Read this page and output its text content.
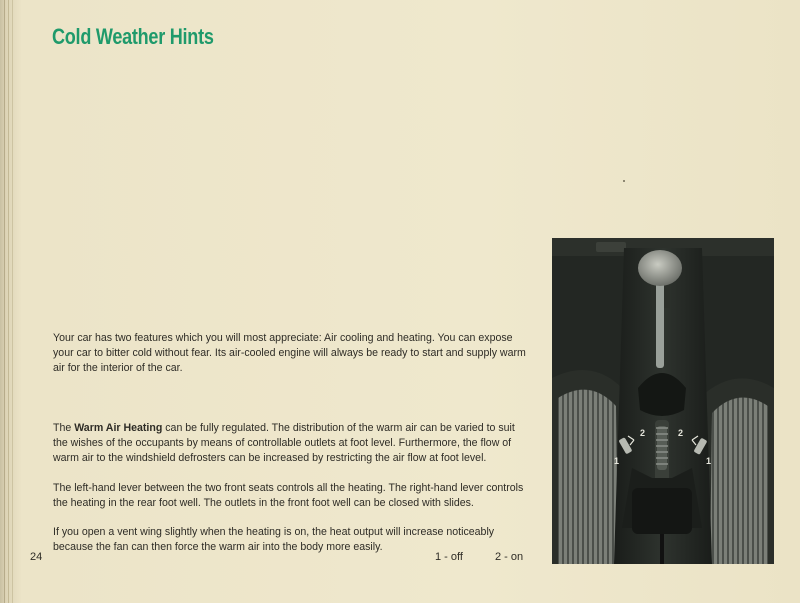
Cold Weather Hints

Your car has two features which you will most appreciate: Air cooling and heating. You can expose your car to bitter cold without fear. Its air-cooled engine will always be ready to start and supply warm air for the interior of the car.

The Warm Air Heating can be fully regulated. The distribution of the warm air can be varied to suit the wishes of the occupants by means of controllable outlets at foot level. Furthermore, the flow of warm air to the windshield defrosters can be increased by restricting the air flow at foot level.

The left-hand lever between the two front seats controls all the heating. The right-hand lever controls the heating in the rear foot well. The outlets in the front foot well can be closed with slides.

If you open a vent wing slightly when the heating is on, the heat output will increase noticeably because the fan can then force the warm air into the body more easily.

24	1 - off	2 - on
1
2	2
1
